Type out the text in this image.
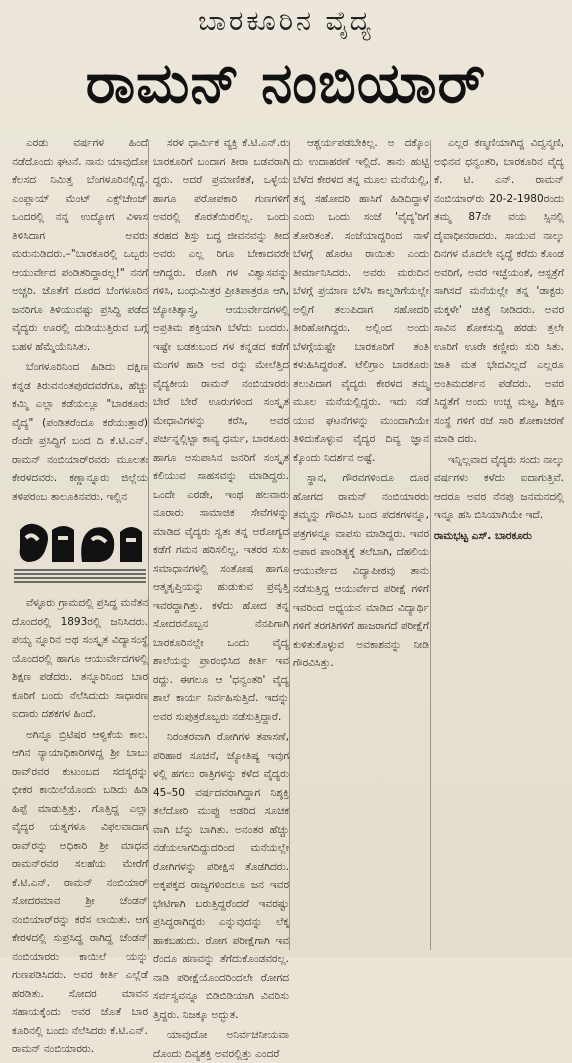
ಬಾರಕೂರಿನ ವೈದ್ಯ
ರಾಮನ್ ನಂಬಿಯಾರ್

ಎರಡು ವರ್ಷಗಳ ಹಿಂದೆ ನಡೆದೊಂದು ಘಟನೆ. ನಾನು ಯಾವುದೋ ಕೆಲಸದ ನಿಮಿತ್ತ ಬೆಂಗಳೂರಿನಲ್ಲಿದ್ದೆ. ಎಂಪ್ಲಾಯ್ ಮೆಂಟ್ ಎಕ್ಸ್‌ಚೇಂಜ್ ಒಂದರಲ್ಲಿ ನನ್ನ ಉದ್ಯೋಗ ವಿಳಾಸ ತಿಳಿಸಿದಾಗ ಅವರು ಮರುನುಡಿದರು.–"ಬಾರಕೂರಲ್ಲಿ ಒಬ್ಬರು ಆಯುರ್ವೇದ ಪಂಡಿತರಿದ್ದಾರಲ್ಲ!" ನನಗೆ ಅಚ್ಚರಿ. ಜೊತೆಗೆ ದೂರದ ಬೆಂಗಳೂರಿನ ಜನರಿಗೂ ತಿಳಿಯುವಷ್ಟು ಪ್ರಸಿದ್ಧಿ ಪಡೆದ ವೈದ್ಯರು ಊರಲ್ಲಿ ದುಡಿಯುತ್ತಿರುವ ಬಗ್ಗೆ ಬಹಳ ಹೆಮ್ಮೆಯೆನಿಸಿತು.

ಬೆಂಗಳೂರಿನಿಂದ ಹಿಡಿದು ದಕ್ಷಿಣ ಕನ್ನಡ ತಿರುವನಂತಪುರದವರೆಗೂ, ಹೆಚ್ಚು ಕಮ್ಮಿ ಎಲ್ಲಾ ಕಡೆಯಲ್ಲೂ "ಬಾರಕೂರು ವೈದ್ಯ" (ಪಂಡಿತರೆಂದೂ ಕರೆಯುತ್ತಾರೆ) ರೆಂದೇ ಪ್ರಸಿದ್ಧಿಗೆ ಬಂದ ದಿ ಕೆ.ಟಿ.ಎನ್. ರಾಮನ್ ನಂಬಿಯಾರ್‌ರವರು ಮೂಲತಃ ಕೇರಳದವರು. ಕಣ್ಣಾನ್ನೂರು ಜಿಲ್ಲೆಯ ತಳಿಪರಂಬ ತಾಲೂಕಿನವರು. ಇಲ್ಲಿನ

ವೆಳ್ಳೂರು ಗ್ರಾಮದಲ್ಲಿ ಪ್ರಸಿದ್ಧ ಮನೆತನ ದೊಂದರಲ್ಲಿ 1893ರಲ್ಲಿ ಜನಿಸಿದರು. ಪಯ್ಯ ನ್ನೂರಿನ ಅಥ ಸಂಸ್ಕೃತ ವಿದ್ಯಾಸಂಸ್ಥೆ ಯೊಂದರಲ್ಲಿ ಹಾಗೂ ಆಯುರ್ವೇದಗಳಲ್ಲಿ ಶಿಕ್ಷಣ ಪಡೆದರು. ತನ್ನೂರಿನಿಂದ ಬಾರ ಕೂರಿಗೆ ಬಂದು ನೆಲೆಸಿದುದು ಸಾಧಾರಣ ಐದಾರು ದಶಕಗಳ ಹಿಂದೆ.

ಅಗಿನ್ನೂ ಬ್ರಿಟಿಷರ ಆಳ್ವಿಕೆಯ ಕಾಲ. ಆಗಿನ ನ್ಯಾಯಾಧಿಕಾರಿಗಳಿದ್ದ ಶ್ರೀ ಬಾಬು ರಾವ್‌ರವರ ಕುಟುಂಬದ ಸದಸ್ಯರನ್ನು ಭೀಕರ ಕಾಯಿಲೆಯೊಂದು ಬಡಿದು ಹಿಡಿ ಹಿಪ್ಪೆ ಮಾಡುತ್ತಿತ್ತು. ಗೊತ್ತಿದ್ದ ಎಲ್ಲಾ ವೈದ್ಯರ ಯತ್ನಗಳೂ ವಿಫಲವಾದಾಗ ರಾವ್‌ರನ್ನು ಅಧಿಕಾರಿ ಶ್ರೀ ಮಾಧವ ರಾಮನ್‌ರವರ ಸಲಹೆಯ ಮೇರೆಗೆ ಕೆ.ಟಿ.ಎನ್. ರಾಮನ್ ನಂಬಿಯಾರ್ ಸೋದರಮಾವ ಶ್ರೀ ಚೆಂಡನ್ ನಂಬಿಯಾರ್‌ರನ್ನು ಕರೆಸ ಲಾಯಿತು. ಆಗ ಕೇರಳದಲ್ಲಿ ಸುಪ್ರಸಿದ್ಧ ರಾಗಿದ್ದ ಚೆಂಡನ್ ನಂಬಿಯಾರರು ಕಾಯಿಲೆ ಯನ್ನು ಗುಣಪಡಿಸಿದರು. ಅವರ ಕೀರ್ತಿ ಎಲ್ಲೆಡೆ ಹರಡಿತು. ಸೋದರ ಮಾವನ ಸಹಾಯಕ್ಕೆಂದು ಅವರ ಜೊತೆ ಬಾರ ಕೂರಿನಲ್ಲಿ ಬಂದು ನೆಲೆಸಿದರು ಕೆ.ಟಿ.ಎನ್. ರಾಮನ್ ನಂಬಿಯಾರರು.

ಸರಳ ಧಾರ್ಮಿಕ ವ್ಯಕ್ತಿ ಕೆ.ಟಿ.ಎನ್.ರು ಬಾರಕೂರಿಗೆ ಬಂದಾಗ ತೀರಾ ಬಡವರಾಗಿ ದ್ದರು. ಅದರೆ ಪ್ರಮಾಣಿಕತೆ, ಒಳ್ಳೆಯ ಹಾಗೂ ಪರೋಪಕಾರಿ ಗುಣಗಳಿಗೆ ಅವರಲ್ಲಿ ಕೊರತೆಯಿರಲಿಲ್ಲ. ಒಂದು ತರಹದ ಶಿಸ್ತು ಬದ್ಧ ಜೀವನವನ್ನು ತೀದ ಅವರು ಎಲ್ಲ ರಿಗೂ ಬೇಕಾದವರೇ ಆಗಿದ್ದರು. ರೋಗಿ ಗಳ ವಿಶ್ವಾಸವನ್ನು ಗಳಿಸಿ, ಬಂಧುಮಿತ್ರರ ಪ್ರೀತಿಪಾತ್ರರೂ ಆಗಿ, ಜ್ಯೋತಿಶ್ಶಾಸ್ತ್ರ, ಆಯುರ್ವೇದಗಳಲ್ಲಿ ಅಪ್ರತಿಮ ಶಕ್ತಿಯಾಗಿ ಬೆಳೆದು ಬಂದರು. ಇಷ್ಟೇ ಬಡಕುಬಂದ ಗಳ ಕನ್ನಡದ ಕಡೆಗೆ ಮಂಗಳ ಹಾಡಿ ಅವ ರನ್ನು ಮೇಲೆತ್ತಿದ ವೈದ್ಯಕೀಯ ರಾಮನ್ ನಂಬಿಯಾರರು ಬೇರೆ ಬೇರೆ ಊರುಗಳಿಂದ ಸಂಸ್ಕೃತ ಮೇಧಾವಿಗಳನ್ನು ಕರೆಸಿ, ಅವರ ಪರ್ಚಿನ್ನಲ್ಲಿಟ್ಟಾ ಕಾವ್ಯ ಧರ್ಮ, ಬಾರಕೂರು ಹಾಗೂ ಅಸುಪಾಸಿನ ಜನರಿಗೆ ಸಂಸ್ಕೃತ ಕಲಿಯುವ ಸಾಹಸವನ್ನು ಮಾಡಿದ್ದರು. ಒಂದೇ ಎರಡೇ, ಇಂಥ ಹಲವಾರು ನೂರಾರು ಸಾಮಾಜಿಕ ಸೇವೆಗಳನ್ನು ಮಾಡಿದ ವೈದ್ಯರು ಸ್ವತಃ ತನ್ನ ಅರೋಗ್ಯದ ಕಡೆಗೆ ಗಮನ ಹರಿಸಲಿಲ್ಲ. ಇತರರ ಸುಖ ಸಮಾಧಾನಗಳಲ್ಲಿ ಸಂತೋಷ ಹಾಗೂ ಆತ್ಮತೃಪ್ತಿಯನ್ನು ಹುಡುಕುವ ಪ್ರವೃತ್ತಿ ಇವರದ್ದಾಗಿತ್ತು. ಕಳೆದು ಹೋದ ತನ್ನ ಸೋದರನೊಬ್ಬನ ನೆನಪಿಗಾಗಿ ಬಾರಕೂರಿನಲ್ಲೇ ಒಂದು ವೈದ್ಯ ಶಾಲೆಯನ್ನು ಪ್ರಾರಂಭಿಸಿದ ಕೀರ್ತಿ ಇವ ರದ್ದು. ಈಗಲೂ ಆ 'ಧನ್ವಂತರಿ' ವೈದ್ಯ ಶಾಲೆ ಕಾರ್ಯ ನಿರ್ವಹಿಸುತ್ತಿದೆ. ಇದನ್ನು ಅವರ ಸುಪುತ್ರರೊಬ್ಬರು ನಡೆಸುತ್ತಿದ್ದಾರೆ.

ನಿರಂತರವಾಗಿ ರೋಗಿಗಳ ತಪಾಸಣೆ, ಪರಿಹಾರ ಸೂಚನೆ, ಜ್ಯೋತಿಷ್ಯ ಇವುಗ ಳಲ್ಲಿ ಹಗಲು ರಾತ್ರಿಗಳನ್ನು ಕಳೆದ ವೈದ್ಯರು 45–50 ವರ್ಷದವರಾಗಿದ್ದಾಗ ನಿಶ್ಶಕ್ತಿ ತಲೆದೋರಿ ಮುಪ್ಪು ಅಡರಿದ ಸೂಚಕ ವಾಗಿ ಬೆನ್ನು ಬಾಗಿತು. ಅನಂತರ ಹೆಚ್ಚು ನಡೆಯಲಾಗದಿದ್ದುದರಿಂದ ಮನೆಯಲ್ಲೇ ರೋಗಿಗಳನ್ನು ಪರೀಕ್ಷಿಸ ತೊಡಗಿದರು. ಅಕ್ಕಪಕ್ಕದ ರಾಜ್ಯಗಳಿಂದಲೂ ಜನ ಇವರ ಭೇಟಿಗಾಗಿ ಬರುತ್ತಿದ್ದರೆಂದರೆ ಇವರಷ್ಟು ಪ್ರಸಿದ್ಧರಾಗಿದ್ದರು ಎನ್ನುವುದನ್ನು ಲೆಕ್ಕ ಹಾಕಬಹುದು. ರೋಗ ಪರೀಕ್ಷೆಗಾಗಿ ಇವ ರೆಂದೂ ಹಣವನ್ನು ತೆಗೆದುಕೊಂಡವರಲ್ಲ. ನಾಡಿ ಪರೀಕ್ಷೆಯೊಂದರಿಂದಲೇ ರೋಗದ ಸರ್ವಸ್ವವನ್ನೂ ಬಿಡಿಬಿಡಿಯಾಗಿ ವಿವರಿಸು ತ್ತಿದ್ದರು. ನಿಜಕ್ಕೂ ಅದ್ಭುತ.

ಯಾವುದೋ ಅನಿರ್ವಚನೀಯವಾ ದೊಂದು ದಿವ್ಯಶಕ್ತಿ ಅವರಲ್ಲಿತ್ತು ಎಂದರೆ

ಆಶ್ಚರ್ಯಪಡಬೇಕಿಲ್ಲ. ಅ ದಕ್ಕೊಂ ದು ಉದಾಹರಣೆ ಇಲ್ಲಿದೆ. ತಾನು ಹುಟ್ಟಿ ಬೆಳೆದ ಕೇರಳದ ತನ್ನ ಮೂಲ ಮನೆಯಲ್ಲಿ, ತನ್ನ ಸಹೋದರಿ ಹಾಸಿಗೆ ಹಿಡಿದಿದ್ದಾಳೆ ಎಂದು ಒಂದು ಸಂಜೆ 'ವೈದ್ಯ'ರಿಗೆ ತೋರಿತಂತೆ. ಸಂಜೆಯಾದ್ದರಿಂದ ನಾಳೆ ಬೆಳಗ್ಗೆ ಹೊರಟ ರಾಯಿತು ಎಂದು ತೀರ್ಮಾನಿಸಿದರು. ಅವರು ಮರುದಿನ ಬೆಳಗ್ಗೆ ಪ್ರಯಾಣ ಬೆಳೆಸಿ ಕಾಲ್ನಡಿಗೆಯಲ್ಲೇ ಅಲ್ಲಿಗೆ ತಲುಪಿದಾಗ ಸಹೋದರಿ ತೀರಿಹೋಗಿದ್ದರು. ಅಲ್ಲಿಂದ ಅಂದು ಬೆಳಗ್ಗೆಯಷ್ಟೇ ಬಾರಕೂರಿಗೆ ತಂತಿ ಕಳುಹಿಸಿದ್ದರಂತೆ. ಟೆಲಿಗ್ರಾಂ ಬಾರಕೂರು ತಲುಪಿದಾಗ ವೈದ್ಯರು ಕೇರಳದ ತಮ್ಮ ಮೂಲ ಮನೆಯಲ್ಲಿದ್ದರು. ಇದು ನಡೆ ಯುವ ಘಟನೆಗಳನ್ನು ಮುಂದಾಗಿಯೇ ತಿಳಿದುಕೊಳ್ಳುವ ವೈದ್ಯರ ದಿವ್ಯ ಜ್ಞಾನ ಕ್ಕೊಂದು ನಿದರ್ಶನ ಅಷ್ಟೆ.

ಸ್ಥಾನ, ಗೌರವಗಳಿಂದೂ ದೂರ ಹೋಗದ ರಾಮನ್ ನಂಬಿಯಾರರು ತಮ್ಮನ್ನು ಗೌರವಿಸಿ ಬಂದ ಪದಕಗಳನ್ನೂ, ಪತ್ರಗಳನ್ನೂ ವಾಪಸು ಮಾಡಿದ್ದರು. ಇವರ ಅಪಾರ ಪಾಂಡಿತ್ಯಕ್ಕೆ ತಲೆಬಾಗಿ, ದೆಹಲಿಯ ಆಯುರ್ವೇದ ವಿದ್ಯಾಪೀಠವು ತಾನು ನಡೆಸುತ್ತಿದ್ದ ಆಯುರ್ವೇದ ಪರೀಕ್ಷೆ ಗಳಿಗೆ ಇವರಿಂದ ಅಧ್ಯಯನ ಮಾಡಿದ ವಿದ್ಯಾರ್ಥಿ ಗಳಿಗೆ ತರಗತಿಗಳಿಗೆ ಹಾಜರಾಗದೆ ಪರೀಕ್ಷೆಗೆ ಕುಳಿತುಕೊಳ್ಳುವ ಅವಕಾಶವನ್ನು ನೀಡಿ ಗೌರವಿಸಿತ್ತು.

ಎಲ್ಲರ ಕಣ್ಮಣಿಯಾಗಿದ್ದ ವಿದ್ವನ್ಮಣಿ, ಅಭಿನವ ಧನ್ವಂತರಿ, ಬಾರಕೂರಿನ ವೈದ್ಯ ಕೆ. ಟಿ. ಎನ್. ರಾಮನ್ ನಂಬಿಯಾರ್‌ರು 20-2-1980ರಂದು ತಮ್ಮ 87ನೇ ವಯ ಸ್ಸಿನಲ್ಲಿ ದೈವಾಧೀನರಾದರು. ಸಾಯುವ ನಾಲ್ಕು ದಿನಗಳ ಮೊದಲೇ ವೃದ್ಧೆ ಕರೆದು ಕೊಂಡ ಅವರಿಗೆ, ಅವರ ಇಚ್ಛೆಯಂತೆ, ಆಸ್ಪತ್ರೆಗೆ ಸಾಗಿಸದೆ ಮನೆಯಲ್ಲೇ ತನ್ನ 'ಡಾಕ್ಟರು ಮಕ್ಕಳೇ' ಚಿಕಿತ್ಸೆ ನೀಡಿದರು. ಅವರ ಸಾವಿನ ಶೋಕಸುದ್ದಿ ಹರಡು ತ್ತಲೇ ಊರಿಗೆ ಊರೇ ಕಣ್ಣೀರು ಸುರಿ ಸಿತು. ಜಾತಿ ಮತ ಭೇದವಿಲ್ಲದೆ ಎಲ್ಲರೂ ಅಂತಿಮದರ್ಶನ ಪಡೆದರು. ಅವರ ಸಿದ್ಧತೆಗೆ ಅಂದು ಉಚ್ಚ ಮಟ್ಟ, ಶಿಕ್ಷಣ ಸಂಸ್ಥೆ ಗಳಿಗೆ ರಜೆ ಸಾರಿ ಶೋಕಾಚರಣೆ ಮಾಡಿ ದರು.

ಇನ್ನಿಲ್ಲವಾದ ವೈದ್ಯರು ಸಂದು ನಾಲ್ಕು ವರ್ಷಗಳು ಕಳೆದು ಐದಾಗುತ್ತಿವೆ. ಆದರೂ ಅವರ ನೆನಪು ಜನಮನದಲ್ಲಿ ಇನ್ನೂ ಹಸಿ ಬಿಸಿಯಾಗಿಯೇ ಇದೆ.

ರಾಮಭಟ್ಟ ಎಸ್. ಬಾರಕೂರು
